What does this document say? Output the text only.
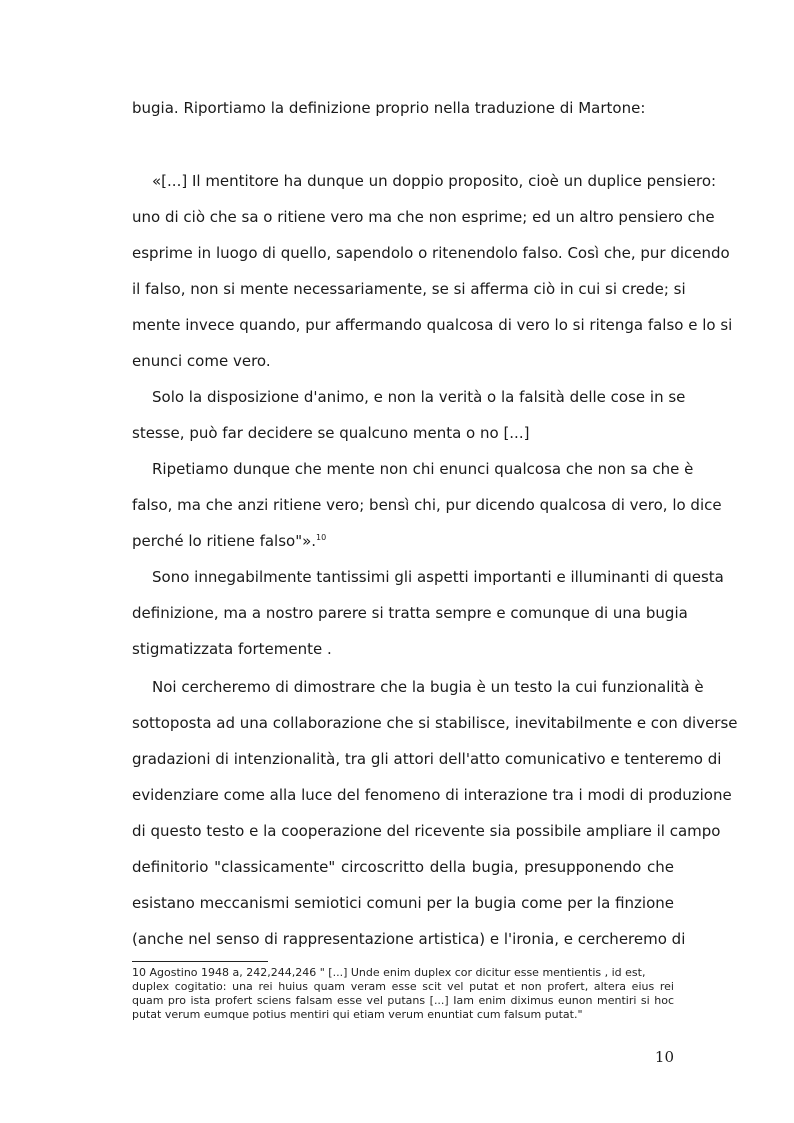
bugia. Riportiamo la definizione proprio nella traduzione di Martone:
«[...] Il mentitore ha dunque un doppio proposito, cioè un duplice pensiero:
uno di ciò che sa o ritiene vero ma che non esprime; ed un altro pensiero che
esprime in luogo di quello, sapendolo o ritenendolo falso. Così che, pur dicendo
il falso, non si mente necessariamente, se si afferma ciò in cui si crede; si
mente invece quando, pur affermando qualcosa di vero lo si ritenga falso e lo si
enunci come vero.
Solo la disposizione d'animo, e non la verità o la falsità delle cose in se
stesse, può far decidere se qualcuno menta o no [...]
Ripetiamo dunque che mente non chi enunci qualcosa che non sa che è
falso, ma che anzi ritiene vero; bensì chi, pur dicendo qualcosa di vero, lo dice
perché lo ritiene falso"».$^{10}$
Sono innegabilmente tantissimi gli aspetti importanti e illuminanti di questa
definizione, ma a nostro parere si tratta sempre e comunque di una bugia
stigmatizzata fortemente .
Noi cercheremo di dimostrare che la bugia è un testo la cui funzionalità è
sottoposta ad una collaborazione che si stabilisce, inevitabilmente e con diverse
gradazioni di intenzionalità, tra gli attori dell'atto comunicativo e tenteremo di
evidenziare come alla luce del fenomeno di interazione tra i modi di produzione
di questo testo e la cooperazione del ricevente sia possibile ampliare il campo
definitorio "classicamente" circoscritto della bugia, presupponendo che
esistano meccanismi semiotici comuni per la bugia come per la finzione
(anche nel senso di rappresentazione artistica) e l'ironia, e cercheremo di
10 Agostino 1948 a, 242,244,246 " [...] Unde enim duplex cor dicitur esse mentientis , id est,
duplex cogitatio: una rei huius quam veram esse scit vel putat et non profert, altera eius rei
quam pro ista profert sciens falsam esse vel putans [...] Iam enim diximus eunon mentiri si hoc
putat verum eumque potius mentiri qui etiam verum enuntiat cum falsum putat."
10
